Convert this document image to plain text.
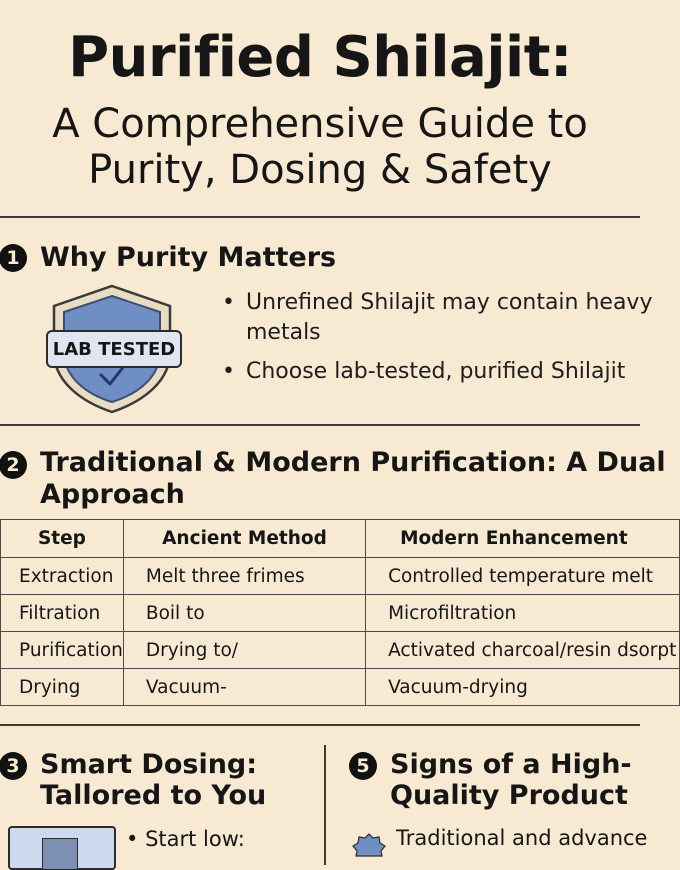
Purified Shilajit:
A Comprehensive Guide to
Purity, Dosing & Safety
1 Why Purity Matters
LAB TESTED
• Unrefined Shilajit may contain heavy
metals
• Choose lab-tested, purified Shilajit
2 Traditional & Modern Purification: A Dual
Approach
Step	Ancient Method	Modern Enhancement
Extraction	Melt three frimes	Controlled temperature melt
Filtration	Boil to	Microfiltration
Purification	Drying to/	Activated charcoal/resin dsorpt
Drying	Vacuum-	Vacuum-drying
3 Smart Dosing:
Tallored to You
• Start low:
5 Signs of a High-
Quality Product
Traditional and advance
